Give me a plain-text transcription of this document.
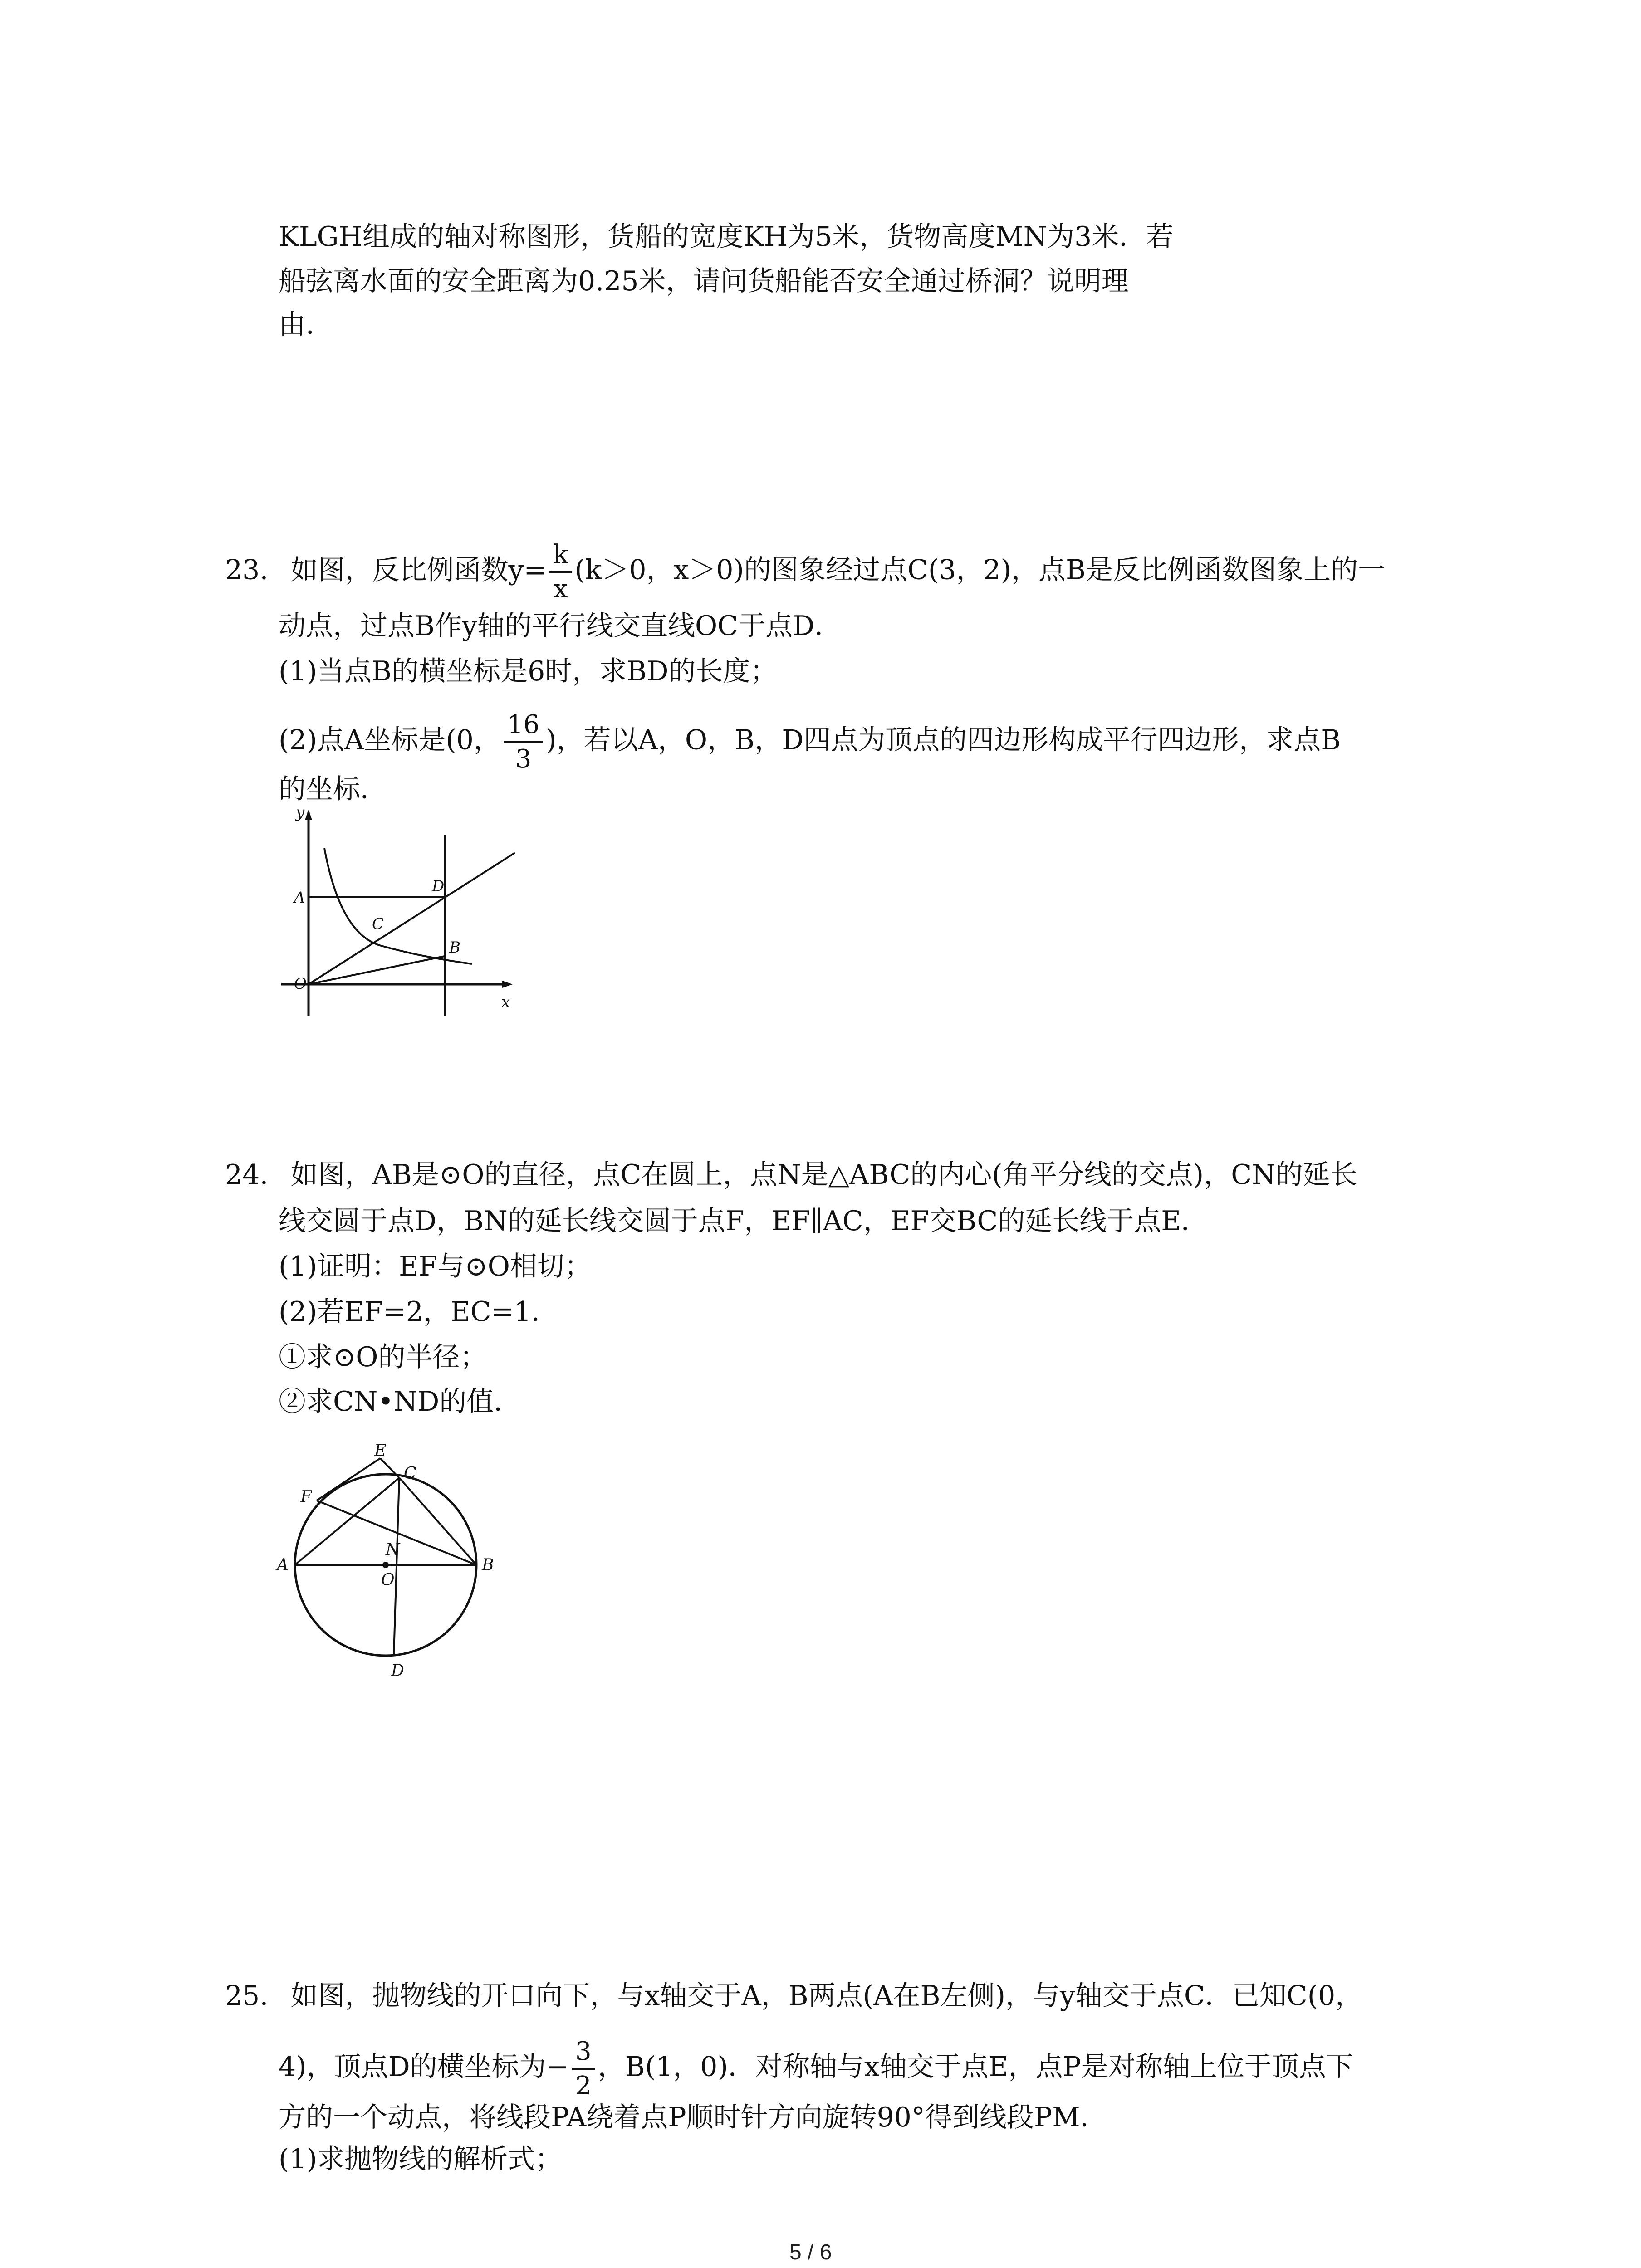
KLGH组成的轴对称图形，货船的宽度KH为5米，货物高度MN为3米．若
船弦离水面的安全距离为0.25米，请问货船能否安全通过桥洞？说明理
由．
23. 如图，反比例函数$y= \frac{k}{x} (k>0$，x＞0)的图象经过点C(3，2)，点B是反比例函数图象上的一
动点，过点B作y轴的平行线交直线OC于点D．
(1)当点B的横坐标是6时，求BD的长度；
(2)点A坐标是(0， $\frac{16}{3}$ )，若以A，O，B，D四点为顶点的四边形构成平行四边形，求点B
的坐标．
y
x
A
D
C
B
O
24. 如图，AB是⊙O的直径，点C在圆上，点N是△ABC的内心(角平分线的交点)，CN的延长
线交圆于点D，BN的延长线交圆于点F，EF∥AC，EF交BC的延长线于点E．
(1)证明：EF与⊙O相切；
(2)若EF=2，EC=1．
①求⊙O的半径；
②求CN•ND的值．
E
C
F
N
A
O
B
D
25. 如图，抛物线的开口向下，与x轴交于A，B两点(A在B左侧)，与y轴交于点C．已知C(0，
4)，顶点D的横坐标为− $\frac{3}{2}$ ，B(1，0)．对称轴与x轴交于点E，点P是对称轴上位于顶点下
方的一个动点，将线段PA绕着点P顺时针方向旋转90°得到线段PM．
(1)求抛物线的解析式；
5 / 6
